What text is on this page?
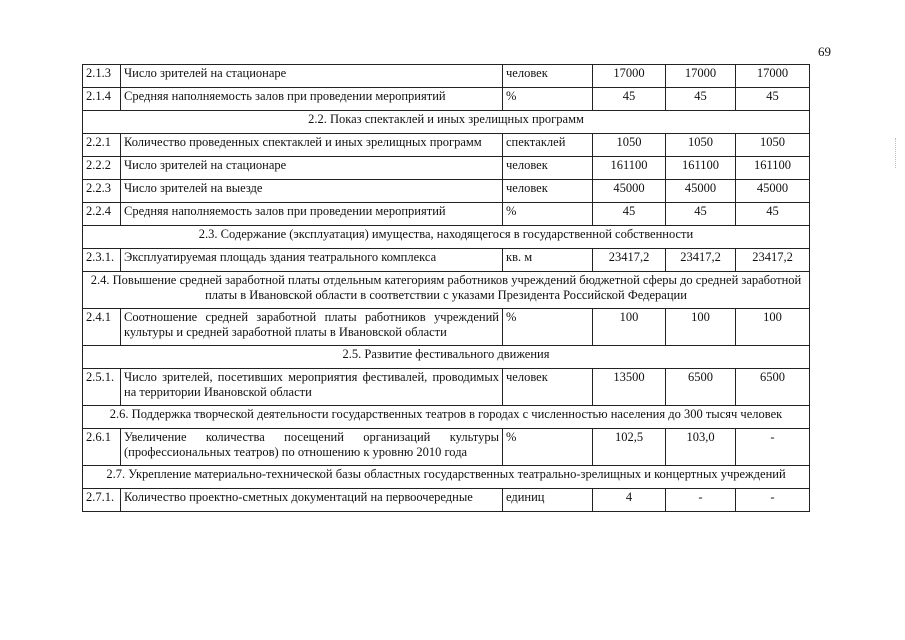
69
2.1.3	Число зрителей на стационаре	человек	17000	17000	17000
2.1.4	Средняя наполняемость залов при проведении мероприятий	%	45	45	45
2.2. Показ спектаклей и иных зрелищных программ					
2.2.1	Количество проведенных спектаклей и иных зрелищных программ	спектаклей	1050	1050	1050
2.2.2	Число зрителей на стационаре	человек	161100	161100	161100
2.2.3	Число зрителей на выезде	человек	45000	45000	45000
2.2.4	Средняя наполняемость залов при проведении мероприятий	%	45	45	45
2.3. Содержание (эксплуатация) имущества, находящегося в государственной собственности					
2.3.1.	Эксплуатируемая площадь здания театрального комплекса	кв. м	23417,2	23417,2	23417,2
2.4. Повышение средней заработной платы отдельным категориям работников учреждений бюджетной сферы до средней заработной платы в Ивановской области в соответствии с указами Президента Российской Федерации					
2.4.1	Соотношение средней заработной платы работников учреждений культуры и средней заработной платы в Ивановской области	%	100	100	100
2.5. Развитие фестивального движения					
2.5.1.	Число зрителей, посетивших мероприятия фестивалей, проводимых на территории Ивановской области	человек	13500	6500	6500
2.6. Поддержка творческой деятельности государственных театров в городах с численностью населения до 300 тысяч человек					
2.6.1	Увеличение количества посещений организаций культуры (профессиональных театров) по отношению к уровню 2010 года	%	102,5	103,0	-
2.7. Укрепление материально-технической базы областных государственных театрально-зрелищных и концертных учреждений					
2.7.1.	Количество проектно-сметных документаций на первоочередные	единиц	4	-	-
